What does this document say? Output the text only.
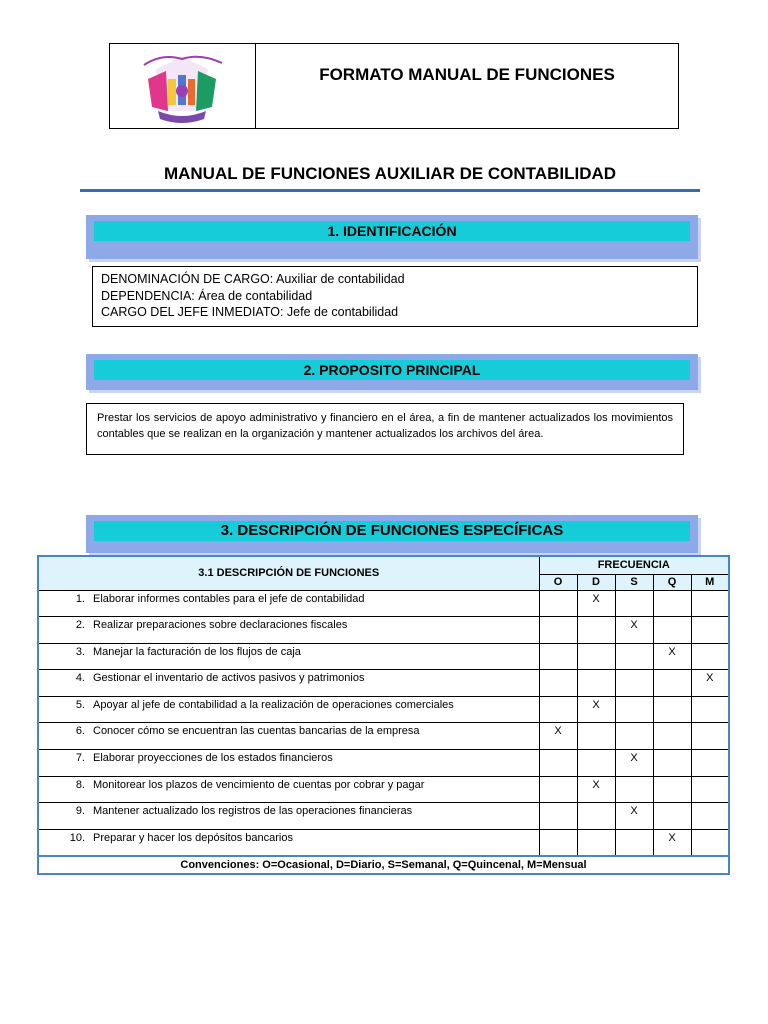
FORMATO MANUAL DE FUNCIONES
MANUAL DE FUNCIONES AUXILIAR DE CONTABILIDAD
1. IDENTIFICACIÓN
DENOMINACIÓN DE CARGO: Auxiliar de contabilidad
DEPENDENCIA: Área de contabilidad
CARGO DEL JEFE INMEDIATO: Jefe de contabilidad
2. PROPOSITO PRINCIPAL
Prestar los servicios de apoyo administrativo y financiero en el área, a fin de mantener actualizados los movimientos contables que se realizan en la organización y mantener actualizados los archivos del área.
3. DESCRIPCIÓN DE FUNCIONES ESPECÍFICAS
3.1 DESCRIPCIÓN DE FUNCIONES	FRECUENCIA				
	O	D	S	Q	M

1. Elaborar informes contables para el jefe de contabilidad		X			

2. Realizar preparaciones sobre declaraciones fiscales			X		

3. Manejar la facturación de los flujos de caja				X	

4. Gestionar el inventario de activos pasivos y patrimonios					X

5. Apoyar al jefe de contabilidad a la realización de operaciones comerciales		X			

6. Conocer cómo se encuentran las cuentas bancarias de la empresa	X				

7. Elaborar proyecciones de los estados financieros			X		

8. Monitorear los plazos de vencimiento de cuentas por cobrar y pagar		X			

9. Mantener actualizado los registros de las operaciones financieras			X		

10. Preparar y hacer los depósitos bancarios				X	
Convenciones: O=Ocasional, D=Diario, S=Semanal, Q=Quincenal, M=Mensual					
